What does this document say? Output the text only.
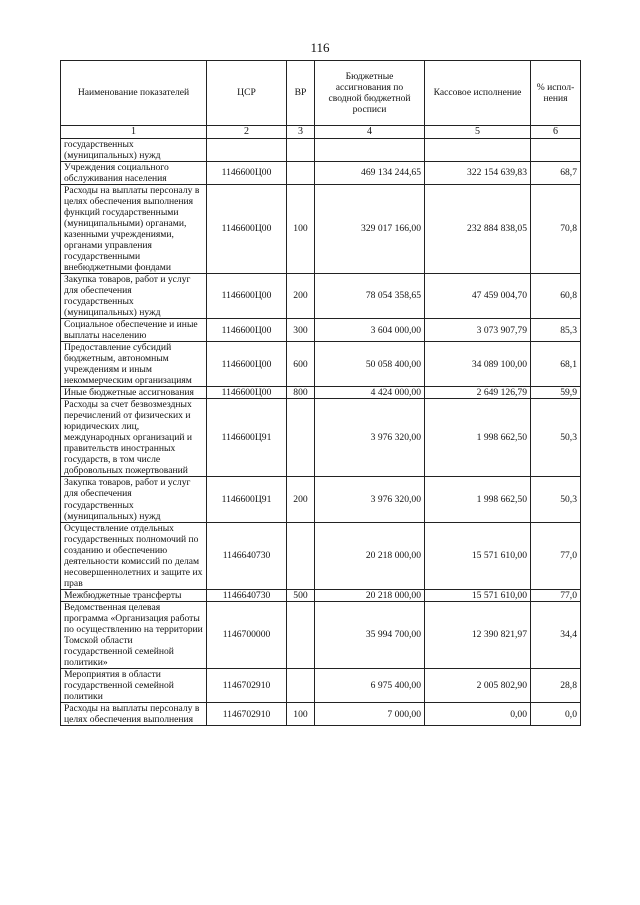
116
Наименование показателей	ЦСР	ВР	Бюджетные ассигнования по сводной бюджетной росписи	Кассовое исполнение	% испол-нения
1	2	3	4	5	6
государственных (муниципальных) нужд					
Учреждения социального обслуживания населения	1146600Ц00		469 134 244,65	322 154 639,83	68,7
Расходы на выплаты персоналу в целях обеспечения выполнения функций государственными (муниципальными) органами, казенными учреждениями, органами управления государственными внебюджетными фондами	1146600Ц00	100	329 017 166,00	232 884 838,05	70,8
Закупка товаров, работ и услуг для обеспечения государственных (муниципальных) нужд	1146600Ц00	200	78 054 358,65	47 459 004,70	60,8
Социальное обеспечение и иные выплаты населению	1146600Ц00	300	3 604 000,00	3 073 907,79	85,3
Предоставление субсидий бюджетным, автономным учреждениям и иным некоммерческим организациям	1146600Ц00	600	50 058 400,00	34 089 100,00	68,1
Иные бюджетные ассигнования	1146600Ц00	800	4 424 000,00	2 649 126,79	59,9
Расходы за счет безвозмездных перечислений от физических и юридических лиц, международных организаций и правительств иностранных государств, в том числе добровольных пожертвований	1146600Ц91		3 976 320,00	1 998 662,50	50,3
Закупка товаров, работ и услуг для обеспечения государственных (муниципальных) нужд	1146600Ц91	200	3 976 320,00	1 998 662,50	50,3
Осуществление отдельных государственных полномочий по созданию и обеспечению деятельности комиссий по делам несовершеннолетних и защите их прав	1146640730		20 218 000,00	15 571 610,00	77,0
Межбюджетные трансферты	1146640730	500	20 218 000,00	15 571 610,00	77,0
Ведомственная целевая программа «Организация работы по осуществлению на территории Томской области государственной семейной политики»	1146700000		35 994 700,00	12 390 821,97	34,4
Мероприятия в области государственной семейной политики	1146702910		6 975 400,00	2 005 802,90	28,8
Расходы на выплаты персоналу в целях обеспечения выполнения	1146702910	100	7 000,00	0,00	0,0
